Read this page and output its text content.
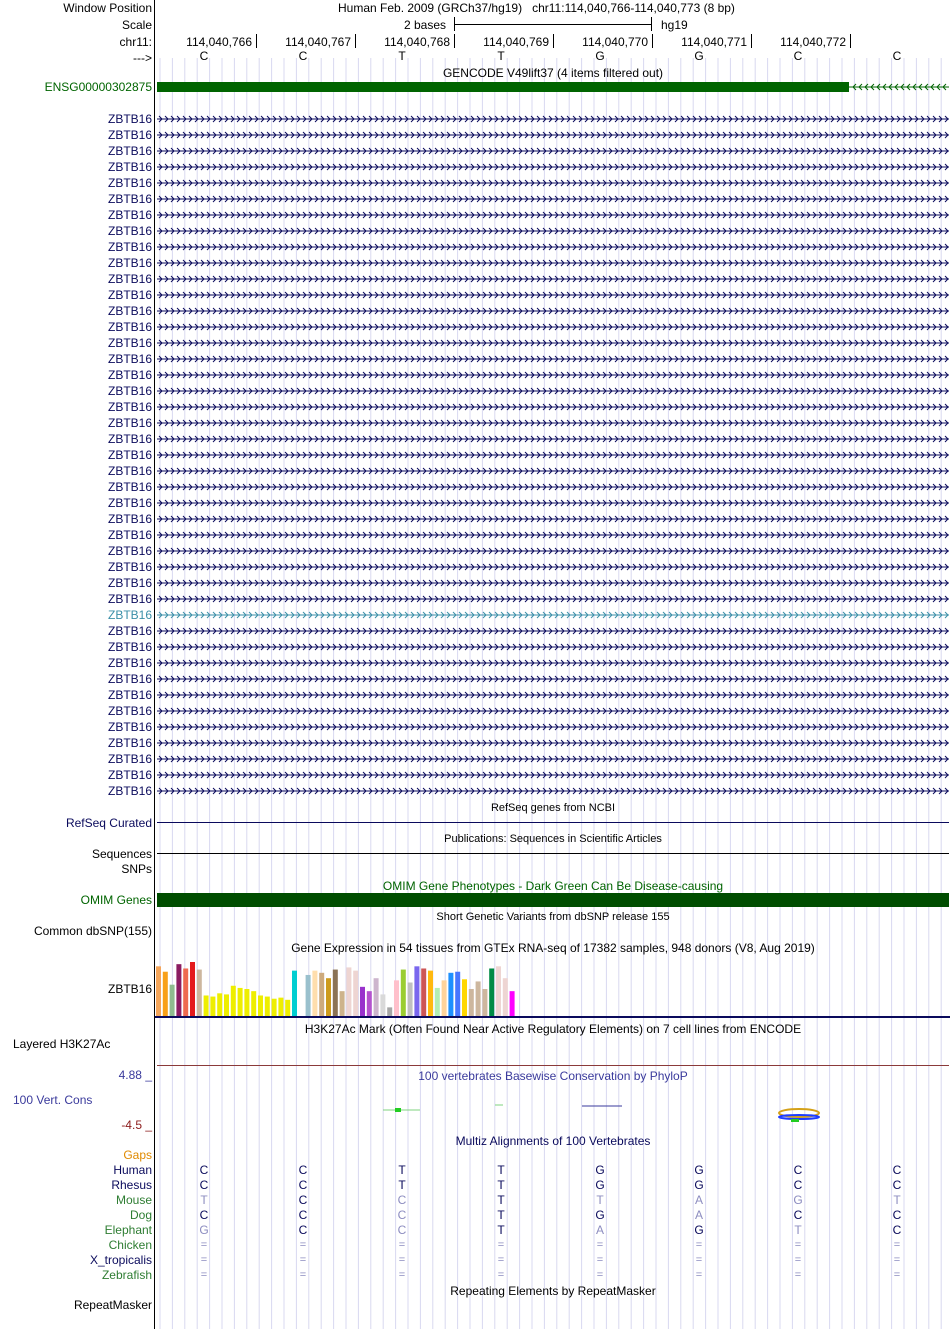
Window Position
Scale
chr11:
--->
Human Feb. 2009 (GRCh37/hg19)   chr11:114,040,766-114,040,773 (8 bp)
2 bases	hg19
114,040,766	114,040,767	114,040,768	114,040,769	114,040,770	114,040,771	114,040,772
C	C	T	T	G	G	C	C
GENCODE V49lift37 (4 items filtered out)
ENSG00000302875
ZBTB16
ZBTB16
ZBTB16
ZBTB16
ZBTB16
ZBTB16
ZBTB16
ZBTB16
ZBTB16
ZBTB16
ZBTB16
ZBTB16
ZBTB16
ZBTB16
ZBTB16
ZBTB16
ZBTB16
ZBTB16
ZBTB16
ZBTB16
ZBTB16
ZBTB16
ZBTB16
ZBTB16
ZBTB16
ZBTB16
ZBTB16
ZBTB16
ZBTB16
ZBTB16
ZBTB16
ZBTB16
ZBTB16
ZBTB16
ZBTB16
ZBTB16
ZBTB16
ZBTB16
ZBTB16
ZBTB16
ZBTB16
ZBTB16
ZBTB16
RefSeq genes from NCBI
RefSeq Curated
Publications: Sequences in Scientific Articles
Sequences
SNPs
OMIM Gene Phenotypes - Dark Green Can Be Disease-causing
OMIM Genes
Short Genetic Variants from dbSNP release 155
Common dbSNP(155)
Gene Expression in 54 tissues from GTEx RNA-seq of 17382 samples, 948 donors (V8, Aug 2019)
ZBTB16
H3K27Ac Mark (Often Found Near Active Regulatory Elements) on 7 cell lines from ENCODE
Layered H3K27Ac
100 vertebrates Basewise Conservation by PhyloP
4.88 _
100 Vert. Cons
-4.5 _
Multiz Alignments of 100 Vertebrates
Gaps
Human	C	C	T	T	G	G	C	C
Rhesus	C	C	T	T	G	G	C	C
Mouse	T	C	C	T	T	A	G	T
Dog	C	C	C	T	G	A	C	C
Elephant	G	C	C	T	A	G	T	C
Chicken	=	=	=	=	=	=	=	=
X_tropicalis	=	=	=	=	=	=	=	=
Zebrafish	=	=	=	=	=	=	=	=
Repeating Elements by RepeatMasker
RepeatMasker
